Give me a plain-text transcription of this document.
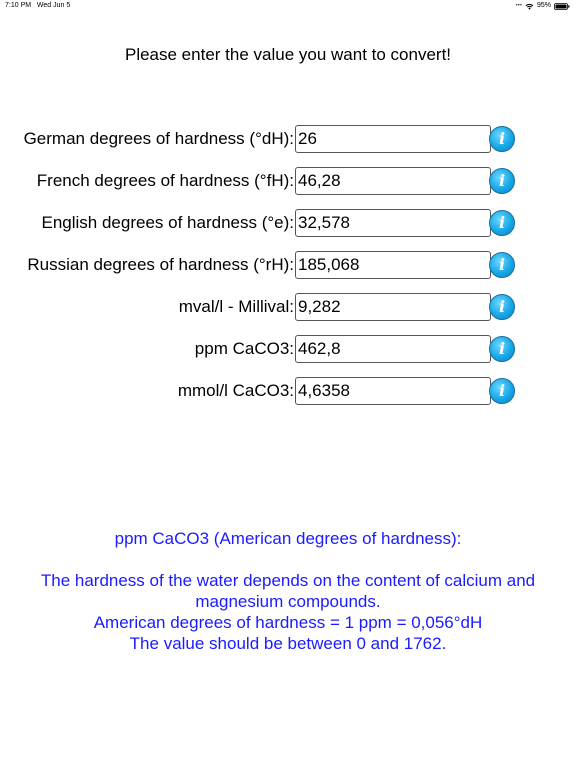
7:10 PM Wed Jun 5	••• 95%
Please enter the value you want to convert!
German degrees of hardness (°dH):
26	i
French degrees of hardness (°fH):
46,28	i
English degrees of hardness (°e):
32,578	i
Russian degrees of hardness (°rH):
185,068	i
mval/l - Millival:
9,282	i
ppm CaCO3:
462,8	i
mmol/l CaCO3:
4,6358	i

ppm CaCO3 (American degrees of hardness):

The hardness of the water depends on the content of calcium and magnesium compounds.

American degrees of hardness = 1 ppm = 0,056°dH

The value should be between 0 and 1762.
